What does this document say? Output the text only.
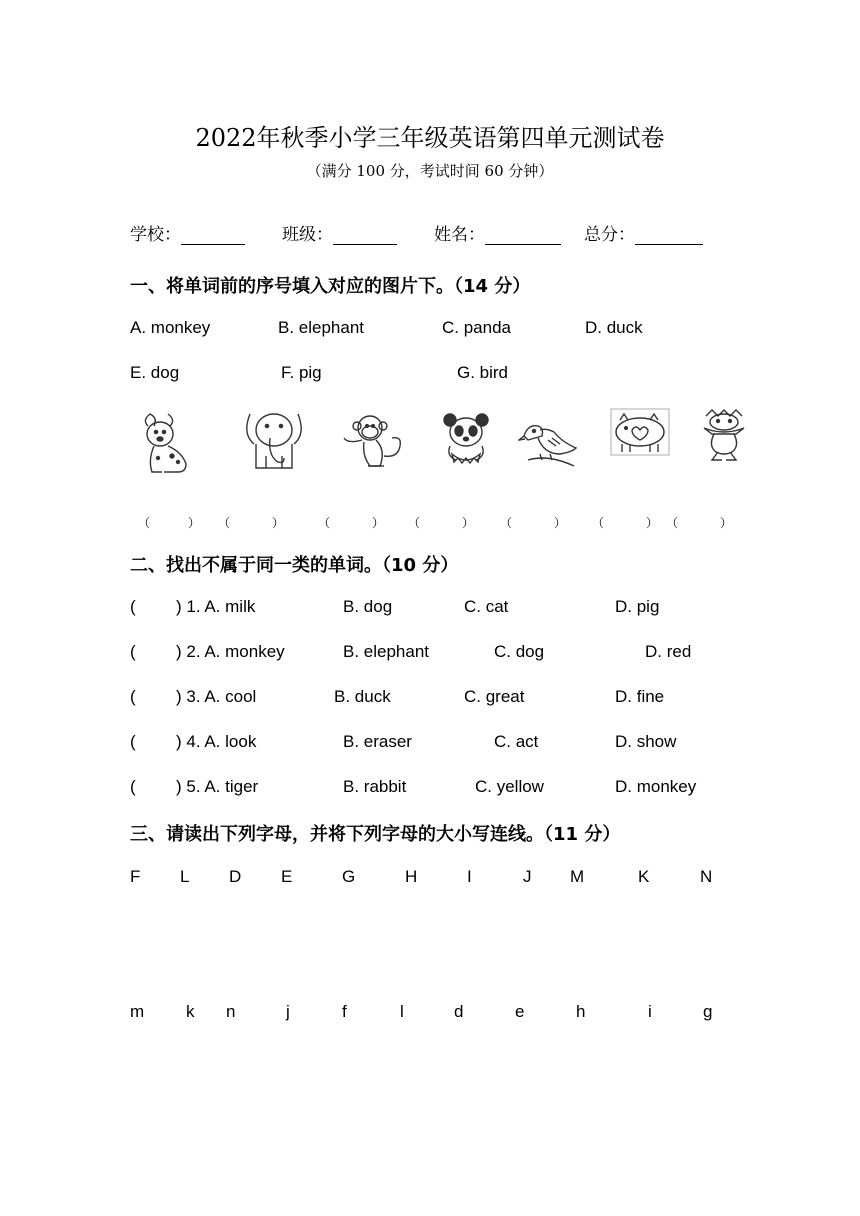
2022年秋季小学三年级英语第四单元测试卷
（满分 100 分，考试时间 60 分钟）
学校：	班级：	姓名：	总分：
一、将单词前的序号填入对应的图片下。（14 分）
A. monkey	B. elephant	C. panda	D. duck
E. dog	F. pig	G. bird
（	） （	）	（	） （	） （	） （	） （	）
二、找出不属于同一类的单词。（10 分）
( ) 1. A. milk	B. dog	C. cat	D. pig
( ) 2. A. monkey	B. elephant	C. dog	D. red
( ) 3. A. cool	B. duck	C. great	D. fine
( ) 4. A. look	B. eraser	C. act	D. show
( ) 5. A. tiger	B. rabbit	C. yellow	D. monkey
三、请读出下列字母，并将下列字母的大小写连线。（11 分）
F L D E	G	H	I	J M	K	N
m k n	j	f	l	d	e	h	i	g
